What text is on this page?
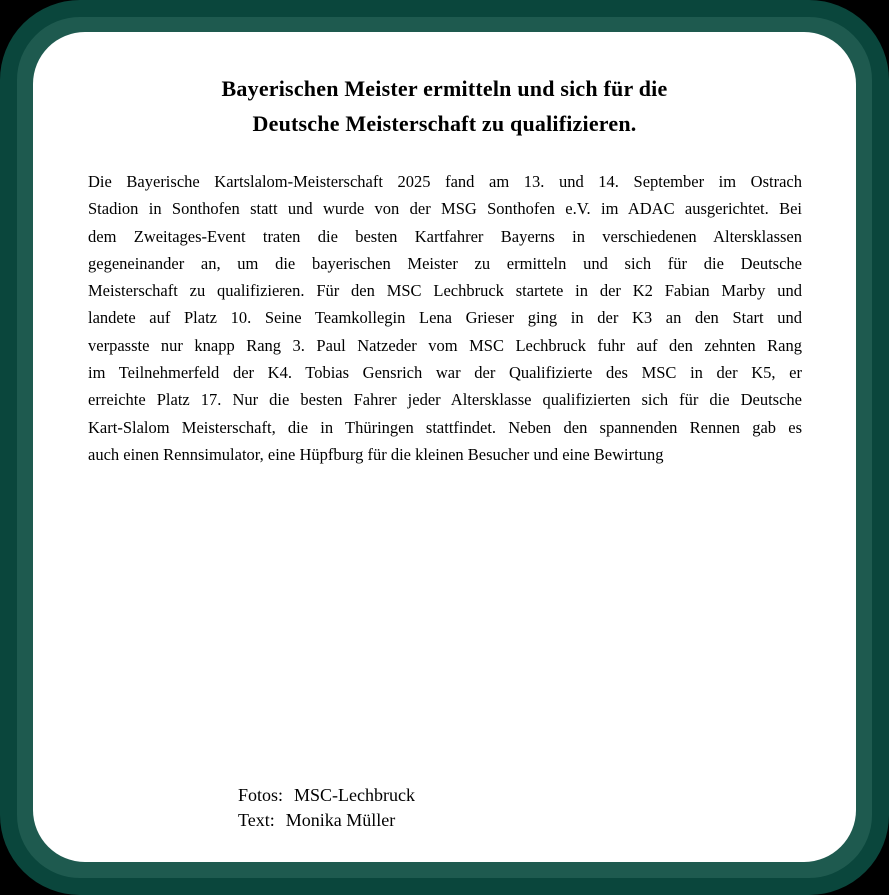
Bayerischen Meister ermitteln und sich für die
Deutsche Meisterschaft zu qualifizieren.
Die Bayerische Kartslalom-Meisterschaft 2025 fand am 13. und 14. September im Ostrach
Stadion in Sonthofen statt und wurde von der MSG Sonthofen e.V. im ADAC ausgerichtet. Bei
dem Zweitages-Event traten die besten Kartfahrer Bayerns in verschiedenen Altersklassen
gegeneinander an, um die bayerischen Meister zu ermitteln und sich für die Deutsche
Meisterschaft zu qualifizieren. Für den MSC Lechbruck startete in der K2 Fabian Marby und
landete auf Platz 10. Seine Teamkollegin Lena Grieser ging in der K3 an den Start und
verpasste nur knapp Rang 3. Paul Natzeder vom MSC Lechbruck fuhr auf den zehnten Rang
im Teilnehmerfeld der K4. Tobias Gensrich war der Qualifizierte des MSC in der K5, er
erreichte Platz 17. Nur die besten Fahrer jeder Altersklasse qualifizierten sich für die Deutsche
Kart-Slalom Meisterschaft, die in Thüringen stattfindet. Neben den spannenden Rennen gab es
auch einen Rennsimulator, eine Hüpfburg für die kleinen Besucher und eine Bewirtung
Fotos: MSC-Lechbruck
Text: Monika Müller
